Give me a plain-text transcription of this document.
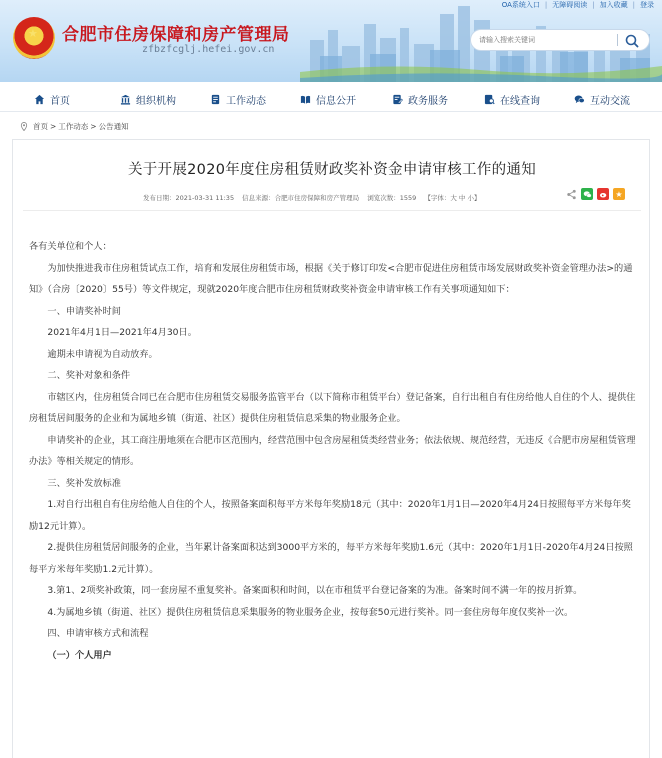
OA系统入口 | 无障碍阅读 | 加入收藏 | 登录
★ 合肥市住房保障和房产管理局
zfbzfcglj.hefei.gov.cn
请输入搜索关键词
首页	组织机构	工作动态	信息公开	政务服务	在线查询	互动交流
首页 > 工作动态 > 公告通知
关于开展2020年度住房租赁财政奖补资金申请审核工作的通知
发布日期：2021-03-31 11:35 信息来源：合肥市住房保障和房产管理局 浏览次数：1559 【字体：大 中 小】	★

各有关单位和个人：

为加快推进我市住房租赁试点工作，培育和发展住房租赁市场，根据《关于修订印发<合肥市促进住房租赁市场发展财政奖补资金管理办法>的通知》（合房〔2020〕55号）等文件规定，现就2020年度合肥市住房租赁财政奖补资金申请审核工作有关事项通知如下：

一、申请奖补时间

2021年4月1日—2021年4月30日。

逾期未申请视为自动放弃。

二、奖补对象和条件

市辖区内，住房租赁合同已在合肥市住房租赁交易服务监管平台（以下简称市租赁平台）登记备案，自行出租自有住房给他人自住的个人、提供住房租赁居间服务的企业和为属地乡镇（街道、社区）提供住房租赁信息采集的物业服务企业。

申请奖补的企业，其工商注册地须在合肥市区范围内，经营范围中包含房屋租赁类经营业务；依法依规、规范经营，无违反《合肥市房屋租赁管理办法》等相关规定的情形。

三、奖补发放标准

1.对自行出租自有住房给他人自住的个人，按照备案面积每平方米每年奖励18元（其中：2020年1月1日—2020年4月24日按照每平方米每年奖励12元计算）。

2.提供住房租赁居间服务的企业，当年累计备案面积达到3000平方米的，每平方米每年奖励1.6元（其中：2020年1月1日-2020年4月24日按照每平方米每年奖励1.2元计算）。

3.第1、2项奖补政策，同一套房屋不重复奖补。备案面积和时间，以在市租赁平台登记备案的为准。备案时间不满一年的按月折算。

4.为属地乡镇（街道、社区）提供住房租赁信息采集服务的物业服务企业，按每套50元进行奖补。同一套住房每年度仅奖补一次。

四、申请审核方式和流程

（一）个人用户
